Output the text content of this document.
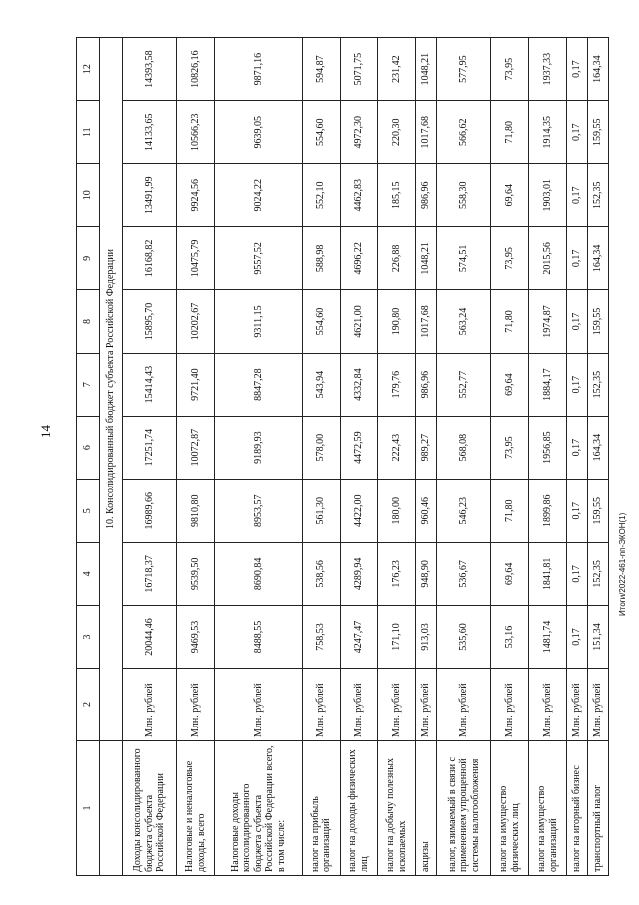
14
1	2	3	4	5	6	7	8	9	10	11	12
	10. Консолидированный бюджет субъекта Российской Федерации										
Доходы консолидированного бюджета субъекта Российской Федерации	Млн. рублей	20044,46	16718,37	16989,66	17251,74	15414,43	15895,70	16168,82	13491,99	14133,65	14393,58
Налоговые и неналоговые доходы, всего	Млн. рублей	9469,53	9539,50	9810,80	10072,87	9721,40	10202,67	10475,79	9924,56	10566,23	10826,16
Налоговые доходы консолидированного бюджета субъекта Российской Федерации всего, в том числе:	Млн. рублей	8488,55	8690,84	8953,57	9189,93	8847,28	9311,15	9557,52	9024,22	9639,05	9871,16
налог на прибыль организаций	Млн. рублей	758,53	538,56	561,30	578,00	543,94	554,60	588,98	552,10	554,60	594,87
налог на доходы физических лиц	Млн. рублей	4247,47	4289,94	4422,00	4472,59	4332,84	4621,00	4696,22	4462,83	4972,30	5071,75
налог на добычу полезных ископаемых	Млн. рублей	171,10	176,23	180,00	222,43	179,76	190,80	226,88	185,15	220,30	231,42
акцизы	Млн. рублей	913,03	948,90	960,46	989,27	986,96	1017,68	1048,21	986,96	1017,68	1048,21
налог, взимаемый в связи с применением упрощенной системы налогообложения	Млн. рублей	535,60	536,67	546,23	568,08	552,77	563,24	574,51	558,30	566,62	577,95
налог на имущество физических лиц	Млн. рублей	53,16	69,64	71,80	73,95	69,64	71,80	73,95	69,64	71,80	73,95
налог на имущество организаций	Млн. рублей	1481,74	1841,81	1899,86	1956,85	1884,17	1974,87	2015,56	1903,01	1914,35	1937,33
налог на игорный бизнес	Млн. рублей	0,17	0,17	0,17	0,17	0,17	0,17	0,17	0,17	0,17	0,17
транспортный налог	Млн. рублей	151,34	152,35	159,55	164,34	152,35	159,55	164,34	152,35	159,55	164,34
Итоги/2022-461-пп-ЭКОН(1)
